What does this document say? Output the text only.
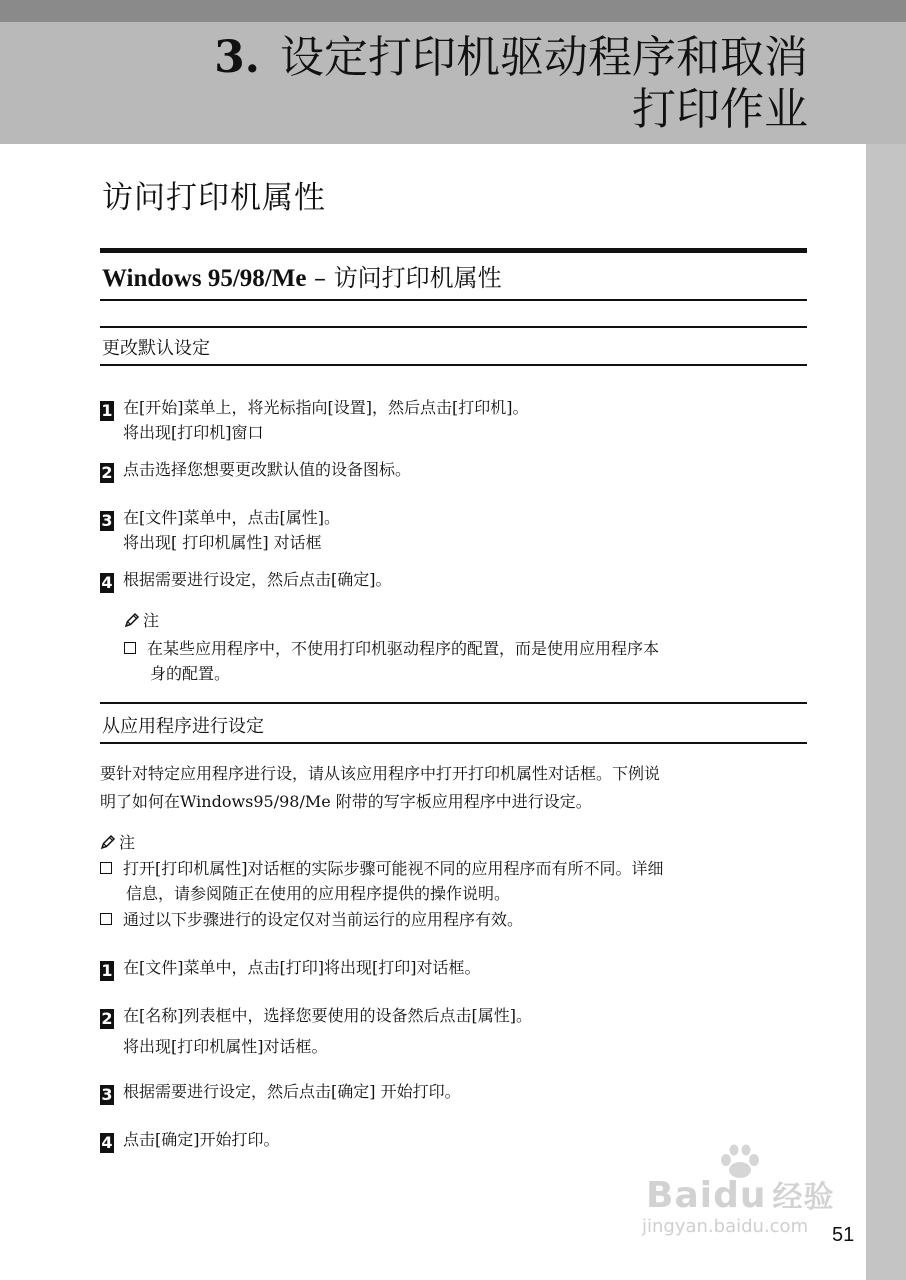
3. 设定打印机驱动程序和取消
打印作业
访问打印机属性
Windows 95/98/Me – 访问打印机属性
更改默认设定
1 在[开始]菜单上，将光标指向[设置]，然后点击[打印机]。
将出现[打印机]窗口
2 点击选择您想要更改默认值的设备图标。
3 在[文件]菜单中，点击[属性]。
将出现[ 打印机属性] 对话框
4 根据需要进行设定，然后点击[确定]。
注
在某些应用程序中，不使用打印机驱动程序的配置，而是使用应用程序本
身的配置。
从应用程序进行设定
要针对特定应用程序进行设，请从该应用程序中打开打印机属性对话框。下例说
明了如何在Windows95/98/Me 附带的写字板应用程序中进行设定。
注
打开[打印机属性]对话框的实际步骤可能视不同的应用程序而有所不同。详细
信息，请参阅随正在使用的应用程序提供的操作说明。
通过以下步骤进行的设定仅对当前运行的应用程序有效。
1 在[文件]菜单中，点击[打印]将出现[打印]对话框。
2 在[名称]列表框中，选择您要使用的设备然后点击[属性]。
将出现[打印机属性]对话框。
3 根据需要进行设定，然后点击[确定] 开始打印。
4 点击[确定]开始打印。
Baidu 经验
jingyan.baidu.com 51
